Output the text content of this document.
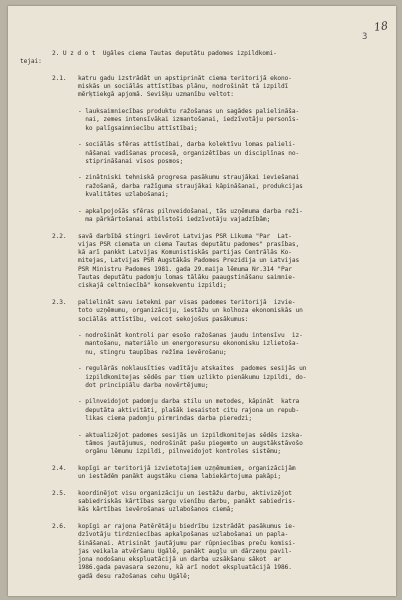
3
18
2. U z d o t  Ugāles ciema Tautas deputātu padomes izpildkomi-
tejai:
2.1.	katru gadu izstrādāt un apstiprināt ciema teritorijā ekono-
miskās un sociālās attīstības plānu, nodrošināt tā izpildī
mērķtiekgā apjomā. Sevišķu uzmanību veltot:
- lauksaimniecības produktu ražošanas un sagādes palielināša-
nai, zemes intensīvākai izmantošanai, iedzīvotāju personīs-
ko palīgsaimniecību attīstībai;
- sociālās sfēras attīstībai, darba kolektīvu lomas palieli-
nāšanai vadīšanas procesā, organizētības un disciplīnas no-
stiprināšanai visos posmos;
- zinātniski tehniskā progresa pasākumu straujākai ieviešanai
ražošanā, darba ražīguma straujākai kāpināšanai, produkcijas
kvalitātes uzlabošanai;
- apkalpojošās sfēras pilnveidošanai, tās uzņēmuma darba reži-
ma pārkārtošanai atbilstoši iedzīvotāju vajadzībām;
2.2.	savā darbībā stingri ievērot Latvijas PSR Likuma "Par  Lat-
vijas PSR ciemata un ciema Tautas deputātu padomes" prasības,
kā arī pankkt Latvijas Komunistiskās partijas Centrālās Ko-
mitejas, Latvijas PSR Augstākās Padomes Prezidija un Latvijas
PSR Ministru Padomes 1981. gada 29.maija lēmuma Nr.314 "Par
Tautas deputātu padomju lomas tālāku paaugstināšanu saimnie-
ciskajā celtniecībā" konsekventu izpildi;
2.3.	palielināt savu ietekmi par visas padomes teritorijā  izvie-
toto uzņēmumu, organizāciju, iestāžu un kolhoza ekonomiskās un
sociālās attīstību, veicot sekojošus pasākumus:
- nodrošināt kontroli par esošo ražošanas jaudu intensīvu  iz-
mantošanu, materiālo un energoresursu ekonomisku izlietoša-
nu, stingru taupības režīma ievērošanu;
- regulārās noklausīties vadītāju atskaites  padomes sesijās un
izpildkomitejas sēdēs par tiem uzlikto pienākumu izpildi, do-
dot principiālu darba novērtējumu;
- pilnveidojot padomju darba stilu un metodes, kāpināt  katra
deputāta aktivitāti, plašāk iesaistot citu rajona un repub-
likas ciema padomju pirmrindas darba pieredzi;
- aktualizējot padomes sesijās un izpildkomitejas sēdēs izska-
tāmos jautājumus, nodrošināt pašu piegemto un augstākstāvošo
orgānu lēmumu izpildi, pilnveidojot kontroles sistēmu;
2.4.	kopīgi ar teritorijā izvietotajiem uzņēmumiem, organizācijām
un iestādēm panākt augstāku ciema labiekārtojuma pakāpi;
2.5.	koordinējot visu organizāciju un iestāžu darbu, aktivizējot
sabiedriskās kārtības sargu vienību darbu, panākt sabiedris-
kās kārtības ievērošanas uzlabošanos ciemā;
2.6.	kopīgi ar rajona Patērētāju biedrību izstrādāt pasākumus ie-
dzīvotāju tirdzniecības apkalpošanas uzlabošanai un papla-
šināšanai. Atrisināt jautājumu par rūpniecības preču komisi-
jas veikala atvēršanu Ugālē, panākt augļu un dārzeņu pavil-
jona nodošanu ekspluatācijā un darba uzsākšanu sākot  ar
1986.gada pavasara sezonu, kā arī nodot ekspluatācijā 1986.
gadā desu ražošanas cehu Ugālē;
